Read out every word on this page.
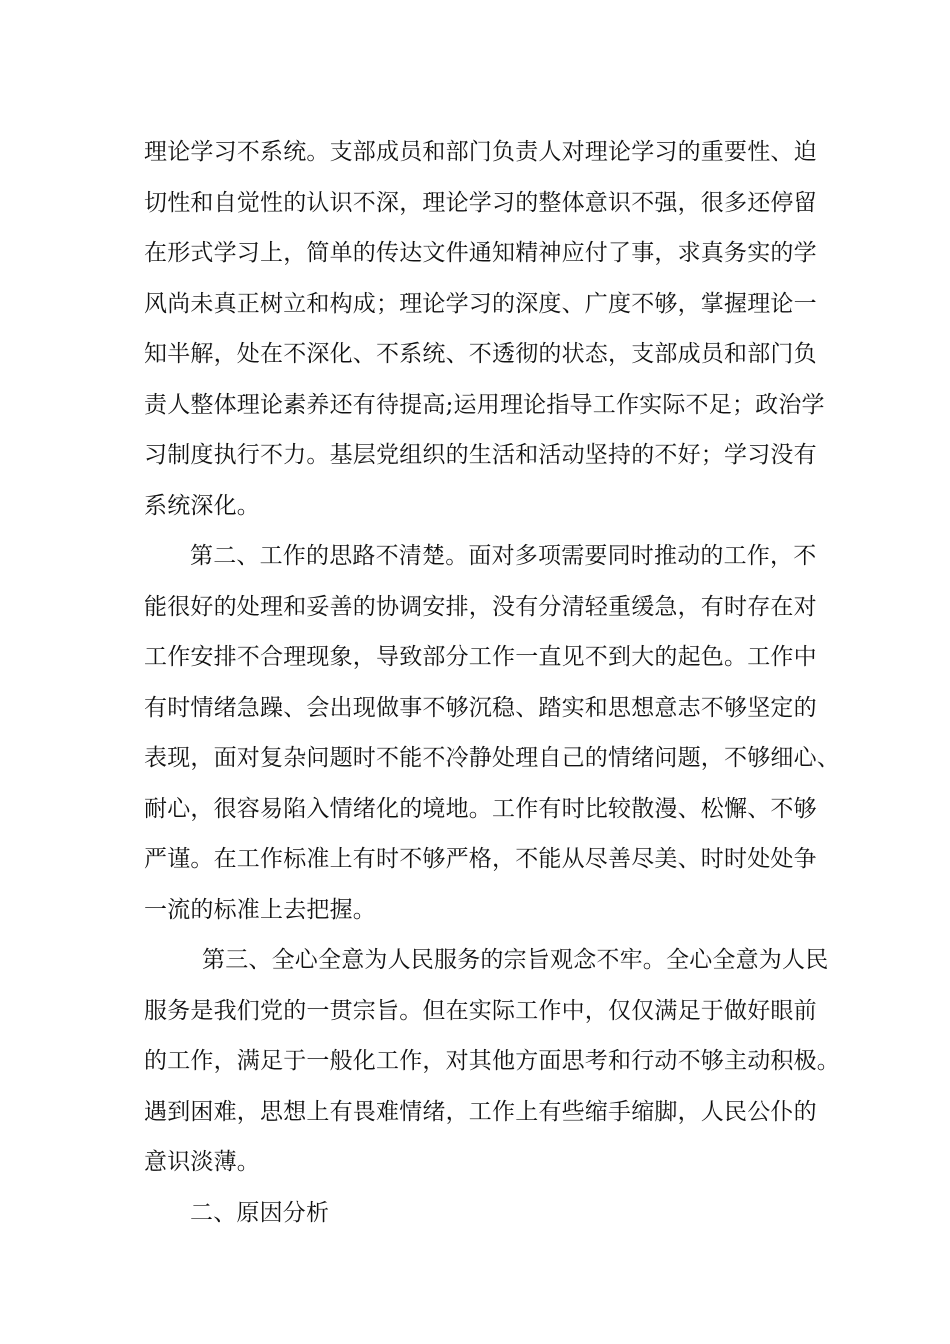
理论学习不系统。支部成员和部门负责人对理论学习的重要性、迫
切性和自觉性的认识不深，理论学习的整体意识不强，很多还停留
在形式学习上，简单的传达文件通知精神应付了事，求真务实的学
风尚未真正树立和构成；理论学习的深度、广度不够，掌握理论一
知半解，处在不深化、不系统、不透彻的状态，支部成员和部门负
责人整体理论素养还有待提高;运用理论指导工作实际不足；政治学
习制度执行不力。基层党组织的生活和活动坚持的不好；学习没有
系统深化。
第二、工作的思路不清楚。面对多项需要同时推动的工作，不
能很好的处理和妥善的协调安排，没有分清轻重缓急，有时存在对
工作安排不合理现象，导致部分工作一直见不到大的起色。工作中
有时情绪急躁、会出现做事不够沉稳、踏实和思想意志不够坚定的
表现，面对复杂问题时不能不冷静处理自己的情绪问题，不够细心、
耐心，很容易陷入情绪化的境地。工作有时比较散漫、松懈、不够
严谨。在工作标准上有时不够严格，不能从尽善尽美、时时处处争
一流的标准上去把握。
第三、全心全意为人民服务的宗旨观念不牢。全心全意为人民
服务是我们党的一贯宗旨。但在实际工作中，仅仅满足于做好眼前
的工作，满足于一般化工作，对其他方面思考和行动不够主动积极。
遇到困难，思想上有畏难情绪，工作上有些缩手缩脚，人民公仆的
意识淡薄。
二、原因分析
